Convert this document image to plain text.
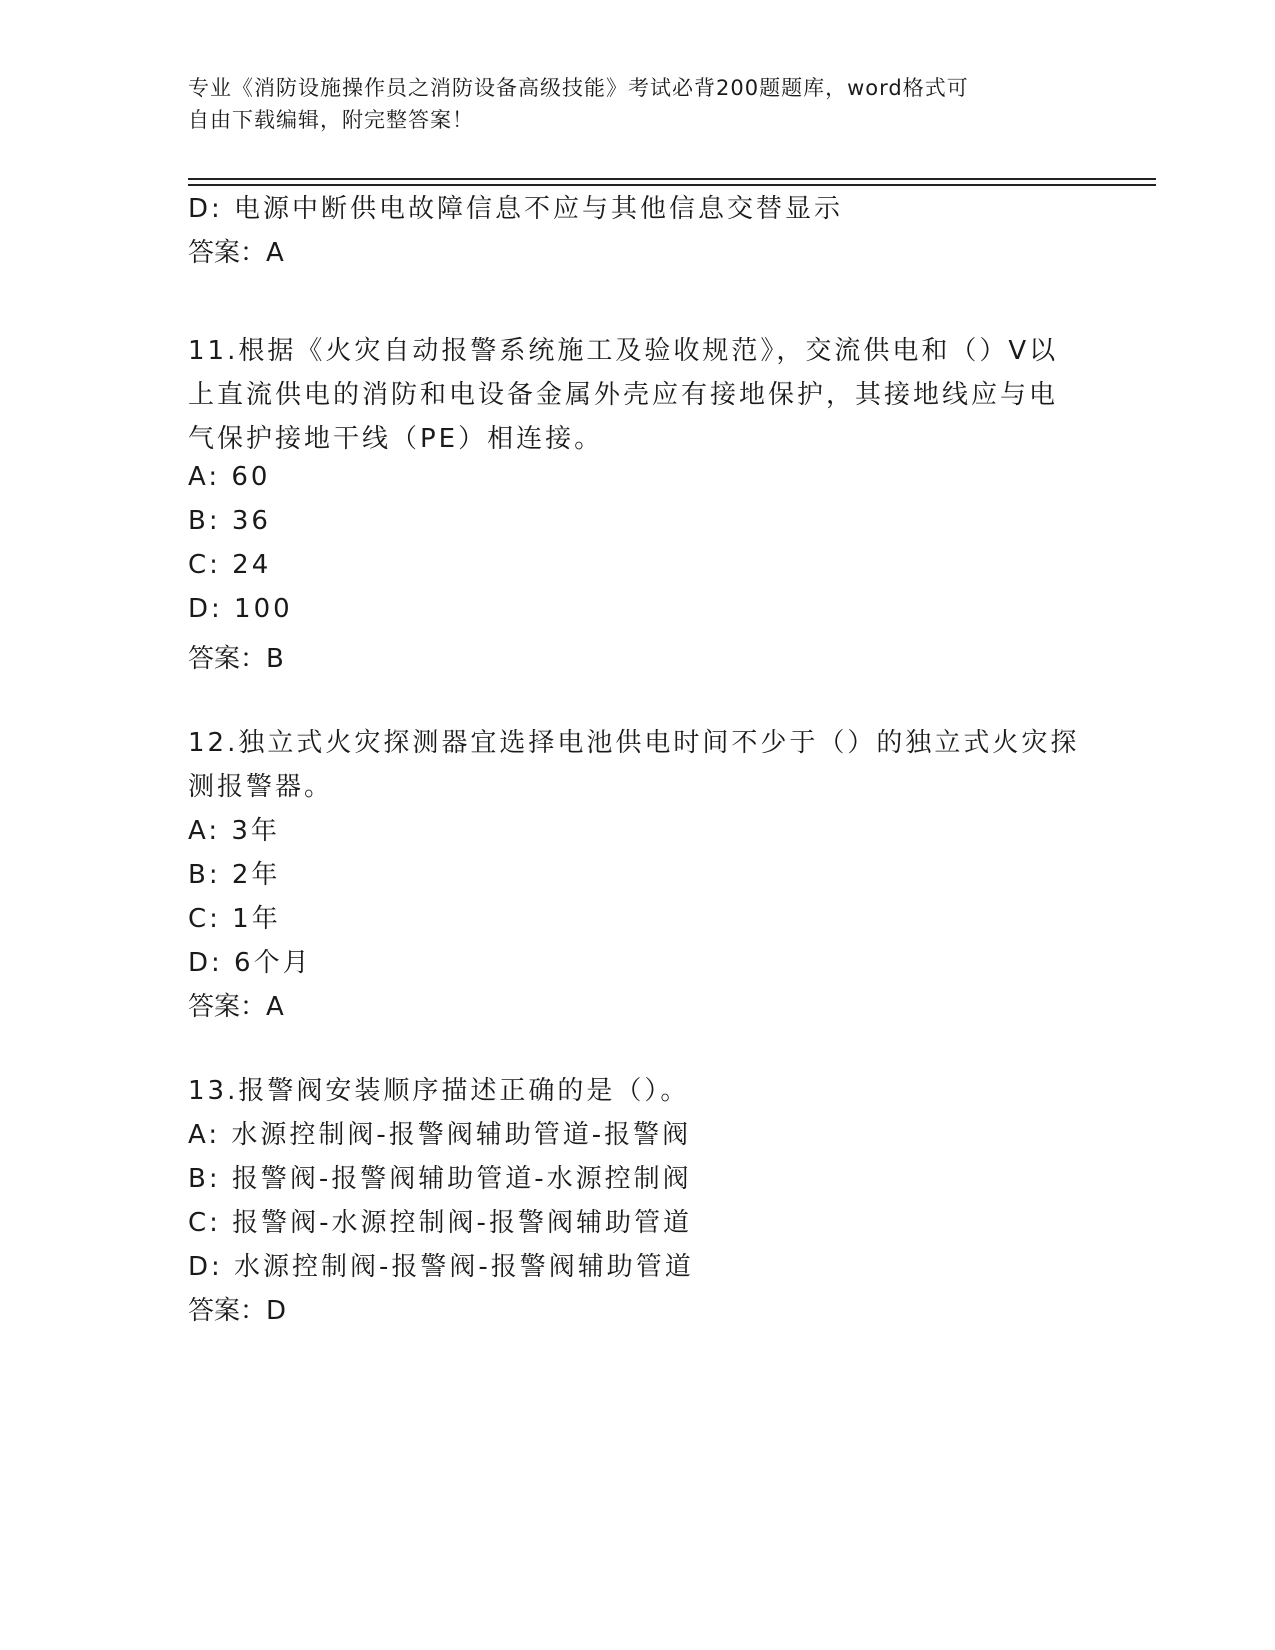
专业《消防设施操作员之消防设备高级技能》考试必背200题题库，word格式可
自由下载编辑，附完整答案！
D: 电源中断供电故障信息不应与其他信息交替显示
答案：A
11.根据《火灾自动报警系统施工及验收规范》，交流供电和（）V以
上直流供电的消防和电设备金属外壳应有接地保护，其接地线应与电
气保护接地干线（PE）相连接。
A: 60
B: 36
C: 24
D: 100
答案：B
12.独立式火灾探测器宜选择电池供电时间不少于（）的独立式火灾探
测报警器。
A: 3年
B: 2年
C: 1年
D: 6个月
答案：A
13.报警阀安装顺序描述正确的是（）。
A: 水源控制阀-报警阀辅助管道-报警阀
B: 报警阀-报警阀辅助管道-水源控制阀
C: 报警阀-水源控制阀-报警阀辅助管道
D: 水源控制阀-报警阀-报警阀辅助管道
答案：D
